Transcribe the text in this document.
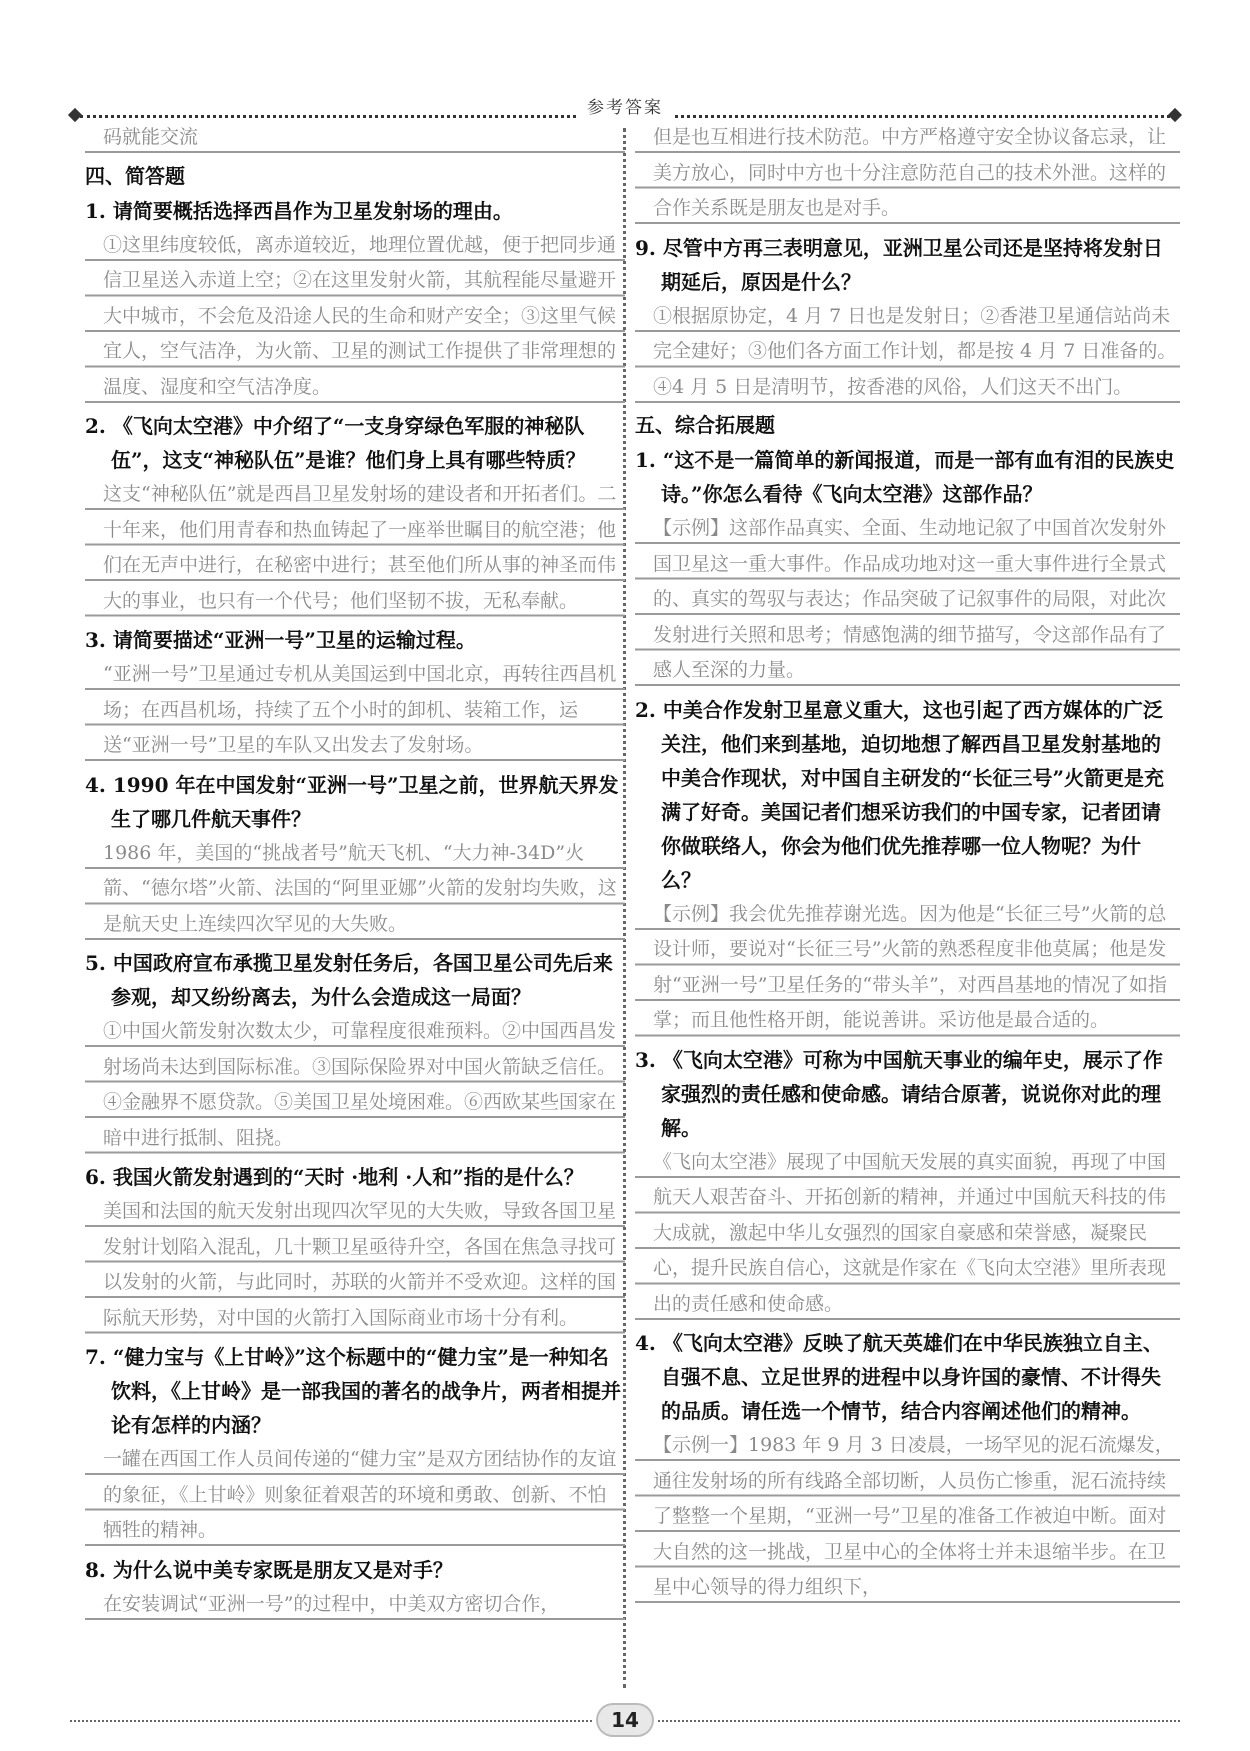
参考答案

码就能交流

四、简答题

1. 请简要概括选择西昌作为卫星发射场的理由。

①这里纬度较低，离赤道较近，地理位置优越，便于把同步通信卫星送入赤道上空；②在这里发射火箭，其航程能尽量避开大中城市，不会危及沿途人民的生命和财产安全；③这里气候宜人，空气洁净，为火箭、卫星的测试工作提供了非常理想的温度、湿度和空气洁净度。

2. 《飞向太空港》中介绍了“一支身穿绿色军服的神秘队伍”，这支“神秘队伍”是谁？他们身上具有哪些特质？

这支“神秘队伍”就是西昌卫星发射场的建设者和开拓者们。二十年来，他们用青春和热血铸起了一座举世瞩目的航空港；他们在无声中进行，在秘密中进行；甚至他们所从事的神圣而伟大的事业，也只有一个代号；他们坚韧不拔，无私奉献。

3. 请简要描述“亚洲一号”卫星的运输过程。

“亚洲一号”卫星通过专机从美国运到中国北京，再转往西昌机场；在西昌机场，持续了五个小时的卸机、装箱工作，运送“亚洲一号”卫星的车队又出发去了发射场。

4. 1990 年在中国发射“亚洲一号”卫星之前，世界航天界发生了哪几件航天事件？

1986 年，美国的“挑战者号”航天飞机、“大力神-34D”火箭、“德尔塔”火箭、法国的“阿里亚娜”火箭的发射均失败，这是航天史上连续四次罕见的大失败。

5. 中国政府宣布承揽卫星发射任务后，各国卫星公司先后来参观，却又纷纷离去，为什么会造成这一局面？

①中国火箭发射次数太少，可靠程度很难预料。②中国西昌发射场尚未达到国际标准。③国际保险界对中国火箭缺乏信任。④金融界不愿贷款。⑤美国卫星处境困难。⑥西欧某些国家在暗中进行抵制、阻挠。

6. 我国火箭发射遇到的“天时 ·地利 ·人和”指的是什么？

美国和法国的航天发射出现四次罕见的大失败，导致各国卫星发射计划陷入混乱，几十颗卫星亟待升空，各国在焦急寻找可以发射的火箭，与此同时，苏联的火箭并不受欢迎。这样的国际航天形势，对中国的火箭打入国际商业市场十分有利。

7. “健力宝与《上甘岭》”这个标题中的“健力宝”是一种知名饮料，《上甘岭》是一部我国的著名的战争片，两者相提并论有怎样的内涵？

一罐在西国工作人员间传递的“健力宝”是双方团结协作的友谊的象征，《上甘岭》则象征着艰苦的环境和勇敢、创新、不怕牺牲的精神。

8. 为什么说中美专家既是朋友又是对手？

在安装调试“亚洲一号”的过程中，中美双方密切合作，

但是也互相进行技术防范。中方严格遵守安全协议备忘录，让美方放心，同时中方也十分注意防范自己的技术外泄。这样的合作关系既是朋友也是对手。

9. 尽管中方再三表明意见，亚洲卫星公司还是坚持将发射日期延后，原因是什么？

①根据原协定，4 月 7 日也是发射日；②香港卫星通信站尚未完全建好；③他们各方面工作计划，都是按 4 月 7 日准备的。④4 月 5 日是清明节，按香港的风俗，人们这天不出门。

五、综合拓展题

1. “这不是一篇简单的新闻报道，而是一部有血有泪的民族史诗。”你怎么看待《飞向太空港》这部作品？

【示例】这部作品真实、全面、生动地记叙了中国首次发射外国卫星这一重大事件。作品成功地对这一重大事件进行全景式的、真实的驾驭与表达；作品突破了记叙事件的局限，对此次发射进行关照和思考；情感饱满的细节描写，令这部作品有了感人至深的力量。

2. 中美合作发射卫星意义重大，这也引起了西方媒体的广泛关注，他们来到基地，迫切地想了解西昌卫星发射基地的中美合作现状，对中国自主研发的“长征三号”火箭更是充满了好奇。美国记者们想采访我们的中国专家，记者团请你做联络人，你会为他们优先推荐哪一位人物呢？为什么？

【示例】我会优先推荐谢光选。因为他是“长征三号”火箭的总设计师，要说对“长征三号”火箭的熟悉程度非他莫属；他是发射“亚洲一号”卫星任务的“带头羊”，对西昌基地的情况了如指掌；而且他性格开朗，能说善讲。采访他是最合适的。

3. 《飞向太空港》可称为中国航天事业的编年史，展示了作家强烈的责任感和使命感。请结合原著，说说你对此的理解。

《飞向太空港》展现了中国航天发展的真实面貌，再现了中国航天人艰苦奋斗、开拓创新的精神，并通过中国航天科技的伟大成就，激起中华儿女强烈的国家自豪感和荣誉感，凝聚民心，提升民族自信心，这就是作家在《飞向太空港》里所表现出的责任感和使命感。

4. 《飞向太空港》反映了航天英雄们在中华民族独立自主、自强不息、立足世界的进程中以身许国的豪情、不计得失的品质。请任选一个情节，结合内容阐述他们的精神。

【示例一】1983 年 9 月 3 日凌晨，一场罕见的泥石流爆发，通往发射场的所有线路全部切断，人员伤亡惨重，泥石流持续了整整一个星期，“亚洲一号”卫星的准备工作被迫中断。面对大自然的这一挑战，卫星中心的全体将士并未退缩半步。在卫星中心领导的得力组织下，

14
